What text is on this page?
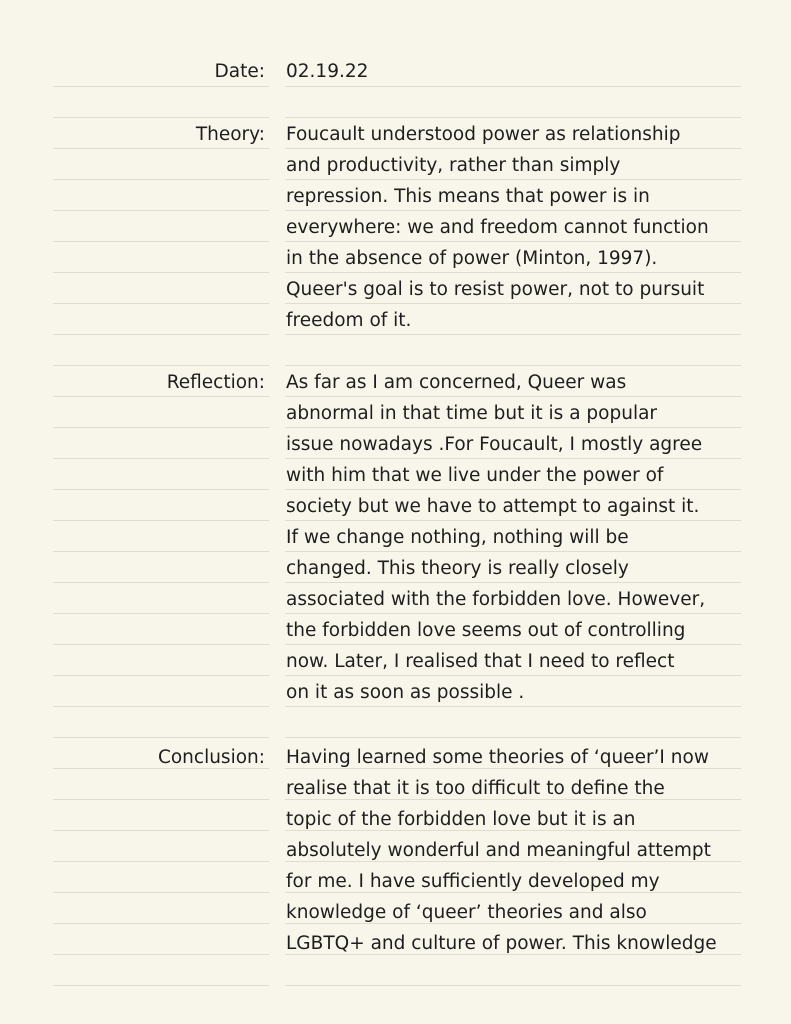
Date: 02.19.22
Theory: Foucault understood power as relationship
and productivity, rather than simply
repression. This means that power is in
everywhere: we and freedom cannot function
in the absence of power (Minton, 1997).
Queer's goal is to resist power, not to pursuit
freedom of it.
Reflection: As far as I am concerned, Queer was
abnormal in that time but it is a popular
issue nowadays .For Foucault, I mostly agree
with him that we live under the power of
society but we have to attempt to against it.
If we change nothing, nothing will be
changed. This theory is really closely
associated with the forbidden love. However,
the forbidden love seems out of controlling
now. Later, I realised that I need to reflect
on it as soon as possible .
Conclusion: Having learned some theories of ‘queer’I now
realise that it is too difficult to define the
topic of the forbidden love but it is an
absolutely wonderful and meaningful attempt
for me. I have sufficiently developed my
knowledge of ‘queer’ theories and also
LGBTQ+ and culture of power. This knowledge
